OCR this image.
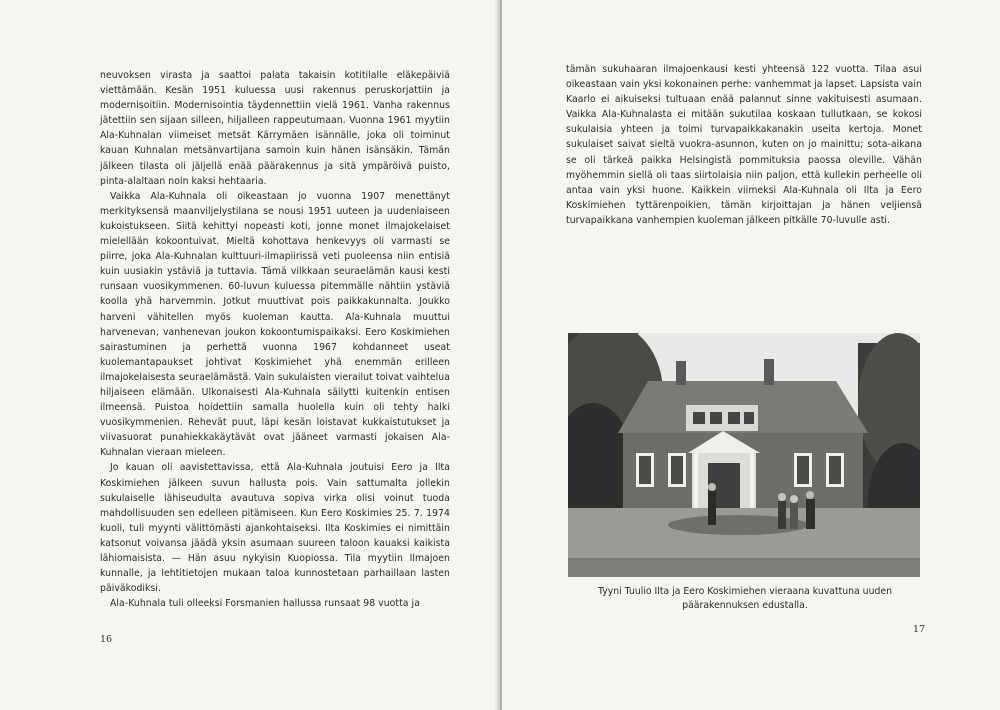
neuvoksen virasta ja saattoi palata takaisin kotitilalle eläkepäiviä viettämään. Kesän 1951 kuluessa uusi rakennus peruskorjattiin ja modernisoitiin. Modernisointia täydennettiin vielä 1961. Vanha rakennus jätettiin sen sijaan silleen, hiljalleen rappeutumaan. Vuonna 1961 myytiin Ala-Kuhnalan viimeiset metsät Kärrymäen isännälle, joka oli toiminut kauan Kuhnalan metsänvartijana samoin kuin hänen isänsäkin. Tämän jälkeen tilasta oli jäljellä enää päärakennus ja sitä ympäröivä puisto, pinta-alaltaan noin kaksi hehtaaria.

Vaikka Ala-Kuhnala oli oikeastaan jo vuonna 1907 menettänyt merkityksensä maanviljelystilana se nousi 1951 uuteen ja uudenlaiseen kukoistukseen. Siitä kehittyi nopeasti koti, jonne monet ilmajokelaiset mielellään kokoontuivat. Mieltä kohottava henkevyys oli varmasti se piirre, joka Ala-Kuhnalan kulttuuri-ilmapiirissä veti puoleensa niin entisiä kuin uusiakin ystäviä ja tuttavia. Tämä vilkkaan seuraelämän kausi kesti runsaan vuosikymmenen. 60-luvun kuluessa pitemmälle nähtiin ystäviä koolla yhä harvemmin. Jotkut muuttivat pois paikkakunnalta. Joukko harveni vähitellen myös kuoleman kautta. Ala-Kuhnala muuttui harvenevan, vanhenevan joukon kokoontumispaikaksi. Eero Koskimiehen sairastuminen ja perhettä vuonna 1967 kohdanneet useat kuolemantapaukset johtivat Koskimiehet yhä enemmän erilleen ilmajokelaisesta seuraelämästä. Vain sukulaisten vierailut toivat vaihtelua hiljaiseen elämään. Ulkonaisesti Ala-Kuhnala säilytti kuitenkin entisen ilmeensä. Puistoa hoidettiin samalla huolella kuin oli tehty halki vuosikymmenien. Rehevät puut, läpi kesän loistavat kukkaistutukset ja viivasuorat punahiekkakäytävät ovat jääneet varmasti jokaisen Ala-Kuhnalan vieraan mieleen.

Jo kauan oli aavistettavissa, että Ala-Kuhnala joutuisi Eero ja Ilta Koskimiehen jälkeen suvun hallusta pois. Vain sattumalta jollekin sukulaiselle lähiseudulta avautuva sopiva virka olisi voinut tuoda mahdollisuuden sen edelleen pitämiseen. Kun Eero Koskimies 25. 7. 1974 kuoli, tuli myynti välittömästi ajankohtaiseksi. Ilta Koskimies ei nimittäin katsonut voivansa jäädä yksin asumaan suureen taloon kauaksi kaikista lähiomaisista. — Hän asuu nykyisin Kuopiossa. Tila myytiin Ilmajoen kunnalle, ja lehtitietojen mukaan taloa kunnostetaan parhaillaan lasten päiväkodiksi.

Ala-Kuhnala tuli olleeksi Forsmanien hallussa runsaat 98 vuotta ja

16

tämän sukuhaaran ilmajoenkausi kesti yhteensä 122 vuotta. Tilaa asui oikeastaan vain yksi kokonainen perhe: vanhemmat ja lapset. Lapsista vain Kaarlo ei aikuiseksi tultuaan enää palannut sinne vakituisesti asumaan. Vaikka Ala-Kuhnalasta ei mitään sukutilaa koskaan tullutkaan, se kokosi sukulaisia yhteen ja toimi turvapaikkakanakin useita kertoja. Monet sukulaiset saivat sieltä vuokra-asunnon, kuten on jo mainittu; sota-aikana se oli tärkeä paikka Helsingistä pommituksia paossa oleville. Vähän myöhemmin siellä oli taas siirtolaisia niin paljon, että kullekin perheelle oli antaa vain yksi huone. Kaikkein viimeksi Ala-Kuhnala oli Ilta ja Eero Koskimiehen tyttärenpoikien, tämän kirjoittajan ja hänen veljiensä turvapaikkana vanhempien kuoleman jälkeen pitkälle 70-luvulle asti.

Tyyni Tuulio Ilta ja Eero Koskimiehen vieraana kuvattuna uuden päärakennuksen edustalla.
17
